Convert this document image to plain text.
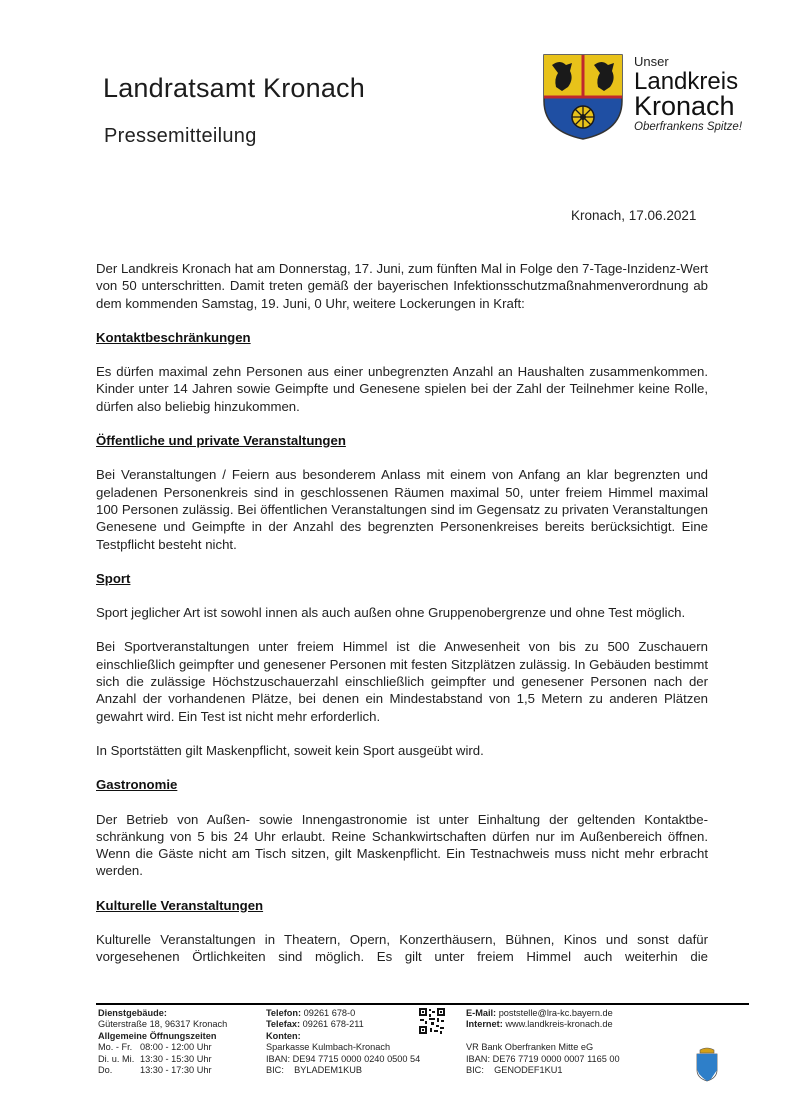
Landratsamt Kronach
Pressemitteilung
Unser
Landkreis
Kronach
Oberfrankens Spitze!
Kronach, 17.06.2021

Der Landkreis Kronach hat am Donnerstag, 17. Juni, zum fünften Mal in Folge den 7-Tage-Inzidenz-Wert von 50 unterschritten. Damit treten gemäß der bayerischen Infektionsschutzmaßnahmenverordnung ab dem kommenden Samstag, 19. Juni, 0 Uhr, weitere Lockerungen in Kraft:

Kontaktbeschränkungen

Es dürfen maximal zehn Personen aus einer unbegrenzten Anzahl an Haushalten zusammenkommen. Kinder unter 14 Jahren sowie Geimpfte und Genesene spielen bei der Zahl der Teilnehmer keine Rolle, dürfen also beliebig hinzukommen.

Öffentliche und private Veranstaltungen

Bei Veranstaltungen / Feiern aus besonderem Anlass mit einem von Anfang an klar begrenzten und geladenen Personenkreis sind in geschlossenen Räumen maximal 50, unter freiem Himmel maximal 100 Personen zulässig. Bei öffentlichen Veranstaltungen sind im Gegensatz zu privaten Veranstaltungen Genesene und Geimpfte in der Anzahl des begrenzten Personenkreises bereits berücksichtigt. Eine Testpflicht besteht nicht.

Sport

Sport jeglicher Art ist sowohl innen als auch außen ohne Gruppenobergrenze und ohne Test möglich.

Bei Sportveranstaltungen unter freiem Himmel ist die Anwesenheit von bis zu 500 Zuschauern einschließlich geimpfter und genesener Personen mit festen Sitzplätzen zulässig. In Gebäuden bestimmt sich die zulässige Höchstzuschauerzahl einschließlich geimpfter und genesener Personen nach der Anzahl der vorhandenen Plätze, bei denen ein Mindestabstand von 1,5 Metern zu anderen Plätzen gewahrt wird. Ein Test ist nicht mehr erforderlich.

In Sportstätten gilt Maskenpflicht, soweit kein Sport ausgeübt wird.

Gastronomie

Der Betrieb von Außen- sowie Innengastronomie ist unter Einhaltung der geltenden Kontaktbeschränkung von 5 bis 24 Uhr erlaubt. Reine Schankwirtschaften dürfen nur im Außenbereich öffnen. Wenn die Gäste nicht am Tisch sitzen, gilt Maskenpflicht. Ein Testnachweis muss nicht mehr erbracht werden.

Kulturelle Veranstaltungen

Kulturelle Veranstaltungen in Theatern, Opern, Konzerthäusern, Bühnen, Kinos und sonst dafür vorgesehenen Örtlichkeiten sind möglich. Es gilt unter freiem Himmel auch weiterhin die

Dienstgebäude:
Güterstraße 18, 96317 Kronach
Allgemeine Öffnungszeiten
Mo. - Fr.	08:00 - 12:00 Uhr
Di. u. Mi.	13:30 - 15:30 Uhr
Do.	13:30 - 17:30 Uhr
Telefon: 09261 678-0
Telefax: 09261 678-211
Konten:
Sparkasse Kulmbach-Kronach
IBAN: DE94 7715 0000 0240 0500 54
BIC: BYLADEM1KUB
E-Mail: poststelle@lra-kc.bayern.de
Internet: www.landkreis-kronach.de

VR Bank Oberfranken Mitte eG
IBAN: DE76 7719 0000 0007 1165 00
BIC: GENODEF1KU1
